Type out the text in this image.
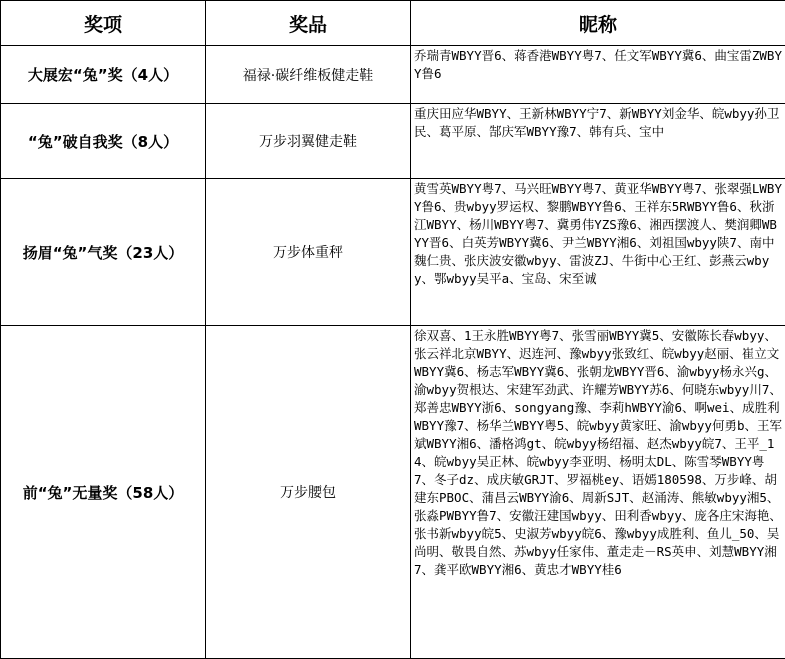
奖项	奖品	昵称
大展宏“兔”奖（4人）	福禄·碳纤维板健走鞋	乔瑞青WBYY晋6、蒋香港WBYY粤7、任文军WBYY冀6、曲宝雷ZWBYY鲁6
“兔”破自我奖（8人）	万步羽翼健走鞋	重庆田应华WBYY、王新林WBYY宁7、新WBYY刘金华、皖wbyy孙卫民、葛平原、郜庆军WBYY豫7、韩有兵、宝中
扬眉“兔”气奖（23人）	万步体重秤	黄雪英WBYY粤7、马兴旺WBYY粤7、黄亚华WBYY粤7、张翠强LWBYY鲁6、贵wbyy罗运权、黎鹏WBYY鲁6、王祥东5RWBYY鲁6、秋浙江WBYY、杨川WBYY粤7、冀勇伟YZS豫6、湘西摆渡人、樊润卿WBYY晋6、白英芳WBYY冀6、尹兰WBYY湘6、刘祖国wbyy陕7、南中魏仁贵、张庆波安徽wbyy、雷波ZJ、牛街中心王红、彭燕云wbyy、鄂wbyy吴平a、宝岛、宋至诚
前“兔”无量奖（58人）	万步腰包	徐双喜、1王永胜WBYY粤7、张雪丽WBYY冀5、安徽陈长春wbyy、张云祥北京WBYY、迟连河、豫wbyy张致红、皖wbyy赵丽、崔立文WBYY冀6、杨志军WBYY冀6、张朝龙WBYY晋6、渝wbyy杨永兴g、渝wbyy贺根达、宋建军劲武、许耀芳WBYY苏6、何晓东wbyy川7、郑善忠WBYY浙6、songyang豫、李莉hWBYY渝6、啊wei、成胜利WBYY豫7、杨华兰WBYY粤5、皖wbyy黄家旺、渝wbyy何勇b、王军斌WBYY湘6、潘格鸿gt、皖wbyy杨绍福、赵杰wbyy皖7、王平_14、皖wbyy吴正林、皖wbyy李亚明、杨明太DL、陈雪琴WBYY粤7、冬子dz、成庆敏GRJT、罗福桃ey、语嫣180598、万步峰、胡建东PBOC、蒲昌云WBYY渝6、周新SJT、赵涌涛、熊敏wbyy湘5、张淼PWBYY鲁7、安徽汪建国wbyy、田利香wbyy、庞各庄宋海艳、张书新wbyy皖5、史淑芳wbyy皖6、豫wbyy成胜利、鱼儿_50、吴尚明、敬畏自然、苏wbyy任家伟、董走走－RS英申、刘慧WBYY湘7、龚平欧WBYY湘6、黄忠才WBYY桂6
